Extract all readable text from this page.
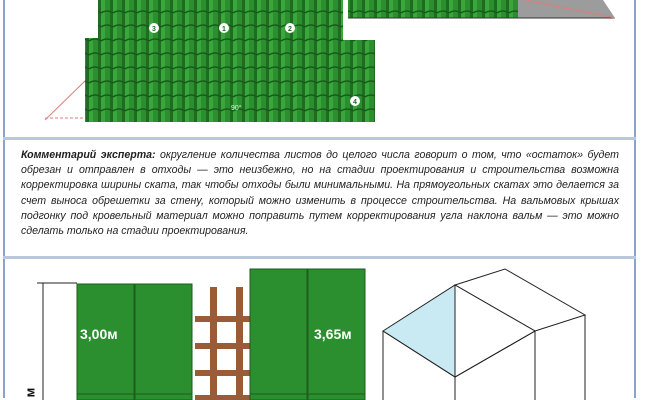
3	1	2
4
90°

Комментарий эксперта: округление количества листов до целого числа говорит о том, что «остаток» будет обрезан и отправлен в отходы — это неизбежно, но на стадии проектирования и строительства возможна корректировка ширины ската, так чтобы отходы были минимальными. На прямоугольных скатах это делается за счет выноса обрешетки за стену, который можно изменить в процессе строительства. На вальмовых крышах подгонку под кровельный материал можно поправить путем корректирования угла наклона вальм — это можно сделать только на стадии проектирования.

3,00м	3,65м
м
